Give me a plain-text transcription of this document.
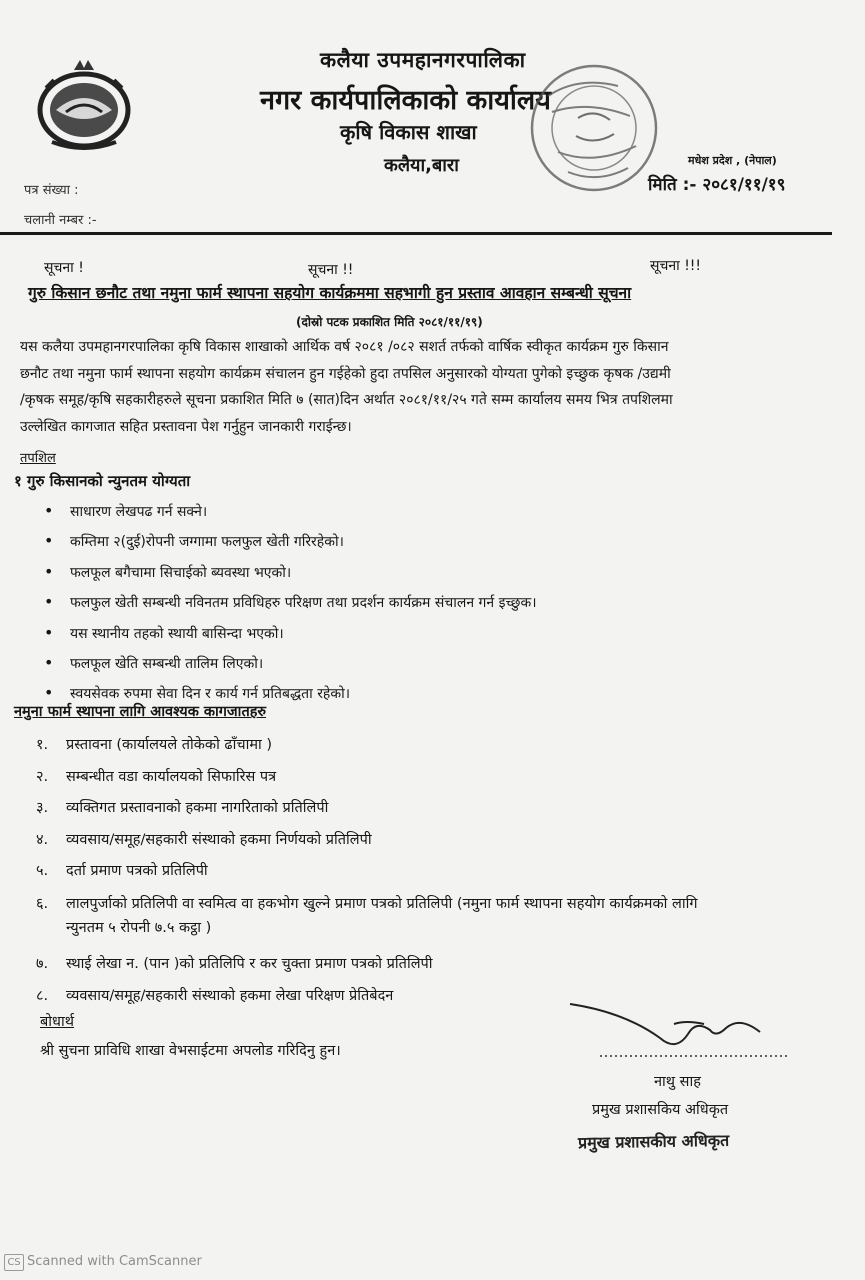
कलैया उपमहानगरपालिका
नगर कार्यपालिकाको कार्यालय
कृषि विकास शाखा
कलैया,बारा	मधेश प्रदेश , (नेपाल)
मिति :- २०८१/११/१९
पत्र संख्या :
चलानी नम्बर :-
सूचना !	सूचना !!	सूचना !!!
गुरु किसान छनौट तथा नमुना फार्म स्थापना सहयोग कार्यक्रममा सहभागी हुन प्रस्ताव आवहान सम्बन्धी सूचना
(दोस्रो पटक प्रकाशित मिति २०८१/११/१९)
यस कलैया उपमहानगरपालिका कृषि विकास शाखाको आर्थिक वर्ष २०८१ /०८२ सशर्त तर्फको वार्षिक स्वीकृत कार्यक्रम गुरु किसान
छनौट तथा नमुना फार्म स्थापना सहयोग कार्यक्रम संचालन हुन गईहेको हुदा तपसिल अनुसारको योग्यता पुगेको इच्छुक कृषक /उद्यमी
/कृषक समूह/कृषि सहकारीहरुले सूचना प्रकाशित मिति ७ (सात)दिन अर्थात २०८१/११/२५ गते सम्म कार्यालय समय भित्र तपशिलमा
उल्लेखित कागजात सहित प्रस्तावना पेश गर्नुहुन जानकारी गराईन्छ।
तपशिल
१ गुरु किसानको न्युनतम योग्यता
• साधारण लेखपढ गर्न सक्ने।
• कम्तिमा २(दुई)रोपनी जग्गामा फलफुल खेती गरिरहेको।
• फलफूल बगैचामा सिचाईको ब्यवस्था भएको।
• फलफुल खेती सम्बन्धी नविनतम प्रविधिहरु परिक्षण तथा प्रदर्शन कार्यक्रम संचालन गर्न इच्छुक।
• यस स्थानीय तहको स्थायी बासिन्दा भएको।
• फलफूल खेति सम्बन्धी तालिम लिएको।
• स्वयसेवक रुपमा सेवा दिन र कार्य गर्न प्रतिबद्धता रहेको।
नमुना फार्म स्थापना लागि आवश्यक कागजातहरु
१. प्रस्तावना (कार्यालयले तोकेको ढाँचामा )
२. सम्बन्धीत वडा कार्यालयको सिफारिस पत्र
३. व्यक्तिगत प्रस्तावनाको हकमा नागरिताको प्रतिलिपी
४. व्यवसाय/समूह/सहकारी संस्थाको हकमा निर्णयको प्रतिलिपी
५. दर्ता प्रमाण पत्रको प्रतिलिपी
६. लालपुर्जाको प्रतिलिपी वा स्वमित्व वा हकभोग खुल्ने प्रमाण पत्रको प्रतिलिपी (नमुना फार्म स्थापना सहयोग कार्यक्रमको लागि
न्युनतम ५ रोपनी ७.५ कट्ठा )
७. स्थाई लेखा न. (पान )को प्रतिलिपि र कर चुक्ता प्रमाण पत्रको प्रतिलिपी
८. व्यवसाय/समूह/सहकारी संस्थाको हकमा लेखा परिक्षण प्रेतिबेदन
बोधार्थ
श्री सुचना प्राविधि शाखा वेभसाईटमा अपलोड गरिदिनु हुन।
नाथु साह
प्रमुख प्रशासकिय अधिकृत
प्रमुख प्रशासकीय अधिकृत
CS Scanned with CamScanner
